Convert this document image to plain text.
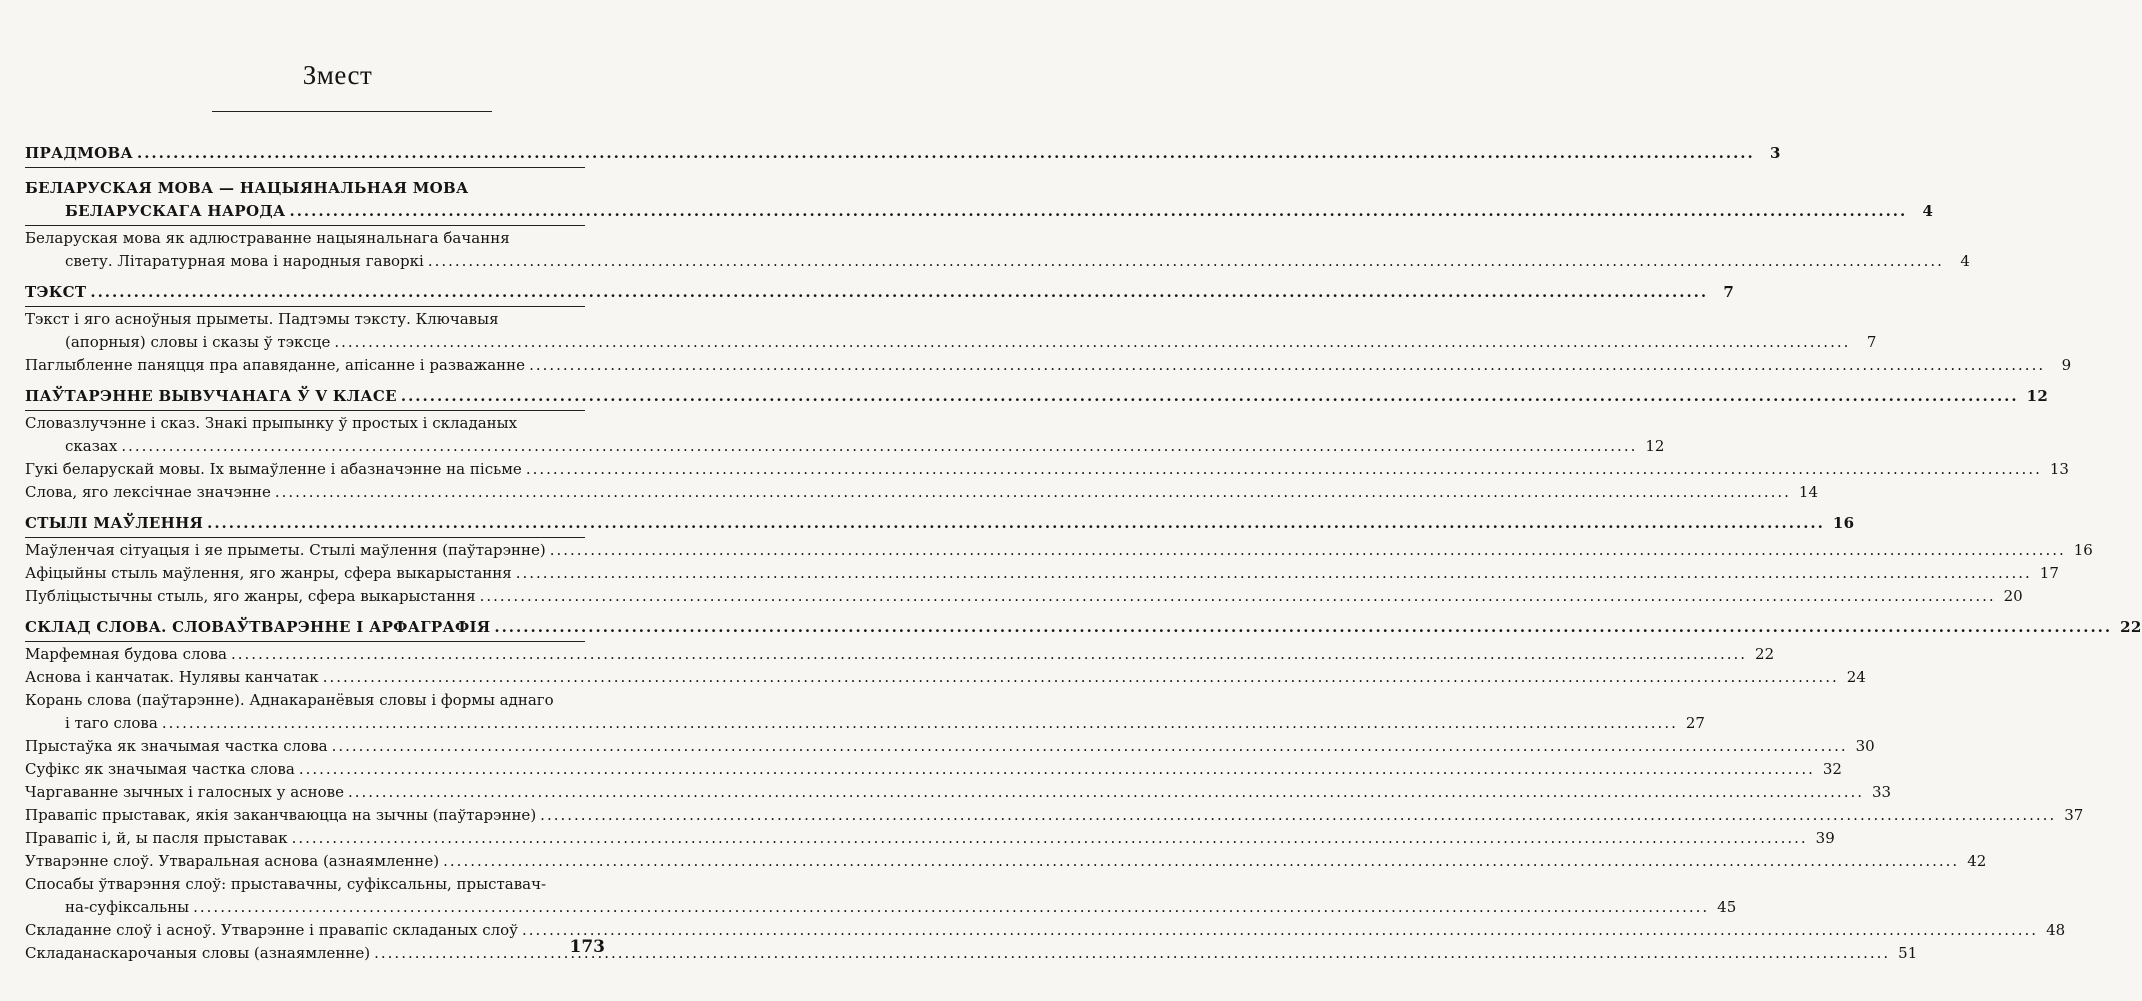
Змест
ПРАДМОВА .....	3
БЕЛАРУСКАЯ МОВА — НАЦЫЯНАЛЬНАЯ МОВА
БЕЛАРУСКАГА НАРОДА .....	4
Беларуская мова як адлюстраванне нацыянальнага бачання
свету. Літаратурная мова і народныя гаворкі .....	4
ТЭКСТ .....	7
Тэкст і яго асноўныя прыметы. Падтэмы тэксту. Ключавыя
(апорныя) словы і сказы ў тэксце .....	7
Паглыбленне паняцця пра апавяданне, апісанне і разважанне .....	9
ПАЎТАРЭННЕ ВЫВУЧАНАГА Ў V КЛАСЕ .....	12
Словазлучэнне і сказ. Знакі прыпынку ў простых і складаных
сказах .....	12
Гукі беларускай мовы. Іх вымаўленне і абазначэнне на пісьме .....	13
Слова, яго лексічнае значэнне .....	14
СТЫЛІ МАЎЛЕННЯ .....	16
Маўленчая сітуацыя і яе прыметы. Стылі маўлення (паўтарэнне) .....	16
Афіцыйны стыль маўлення, яго жанры, сфера выкарыстання .....	17
Публіцыстычны стыль, яго жанры, сфера выкарыстання .....	20
СКЛАД СЛОВА. СЛОВАЎТВАРЭННЕ І АРФАГРАФІЯ .....	22
Марфемная будова слова .....	22
Аснова і канчатак. Нулявы канчатак .....	24
Корань слова (паўтарэнне). Аднакаранёвыя словы і формы аднаго
і таго слова .....	27
Прыстаўка як значымая частка слова .....	30
Суфікс як значымая частка слова .....	32
Чаргаванне зычных і галосных у аснове .....	33
Правапіс прыставак, якія заканчваюцца на зычны (паўтарэнне) .....	37
Правапіс і, й, ы пасля прыставак .....	39
Утварэнне слоў. Утваральная аснова (азнаямленне) .....	42
Спосабы ўтварэння слоў: прыставачны, суфіксальны, прыставач-
на-суфіксальны .....	45
Складанне слоў і асноў. Утварэнне і правапіс складаных слоў .....	48
Складанаскарочаныя словы (азнаямленне) .....	51
173
